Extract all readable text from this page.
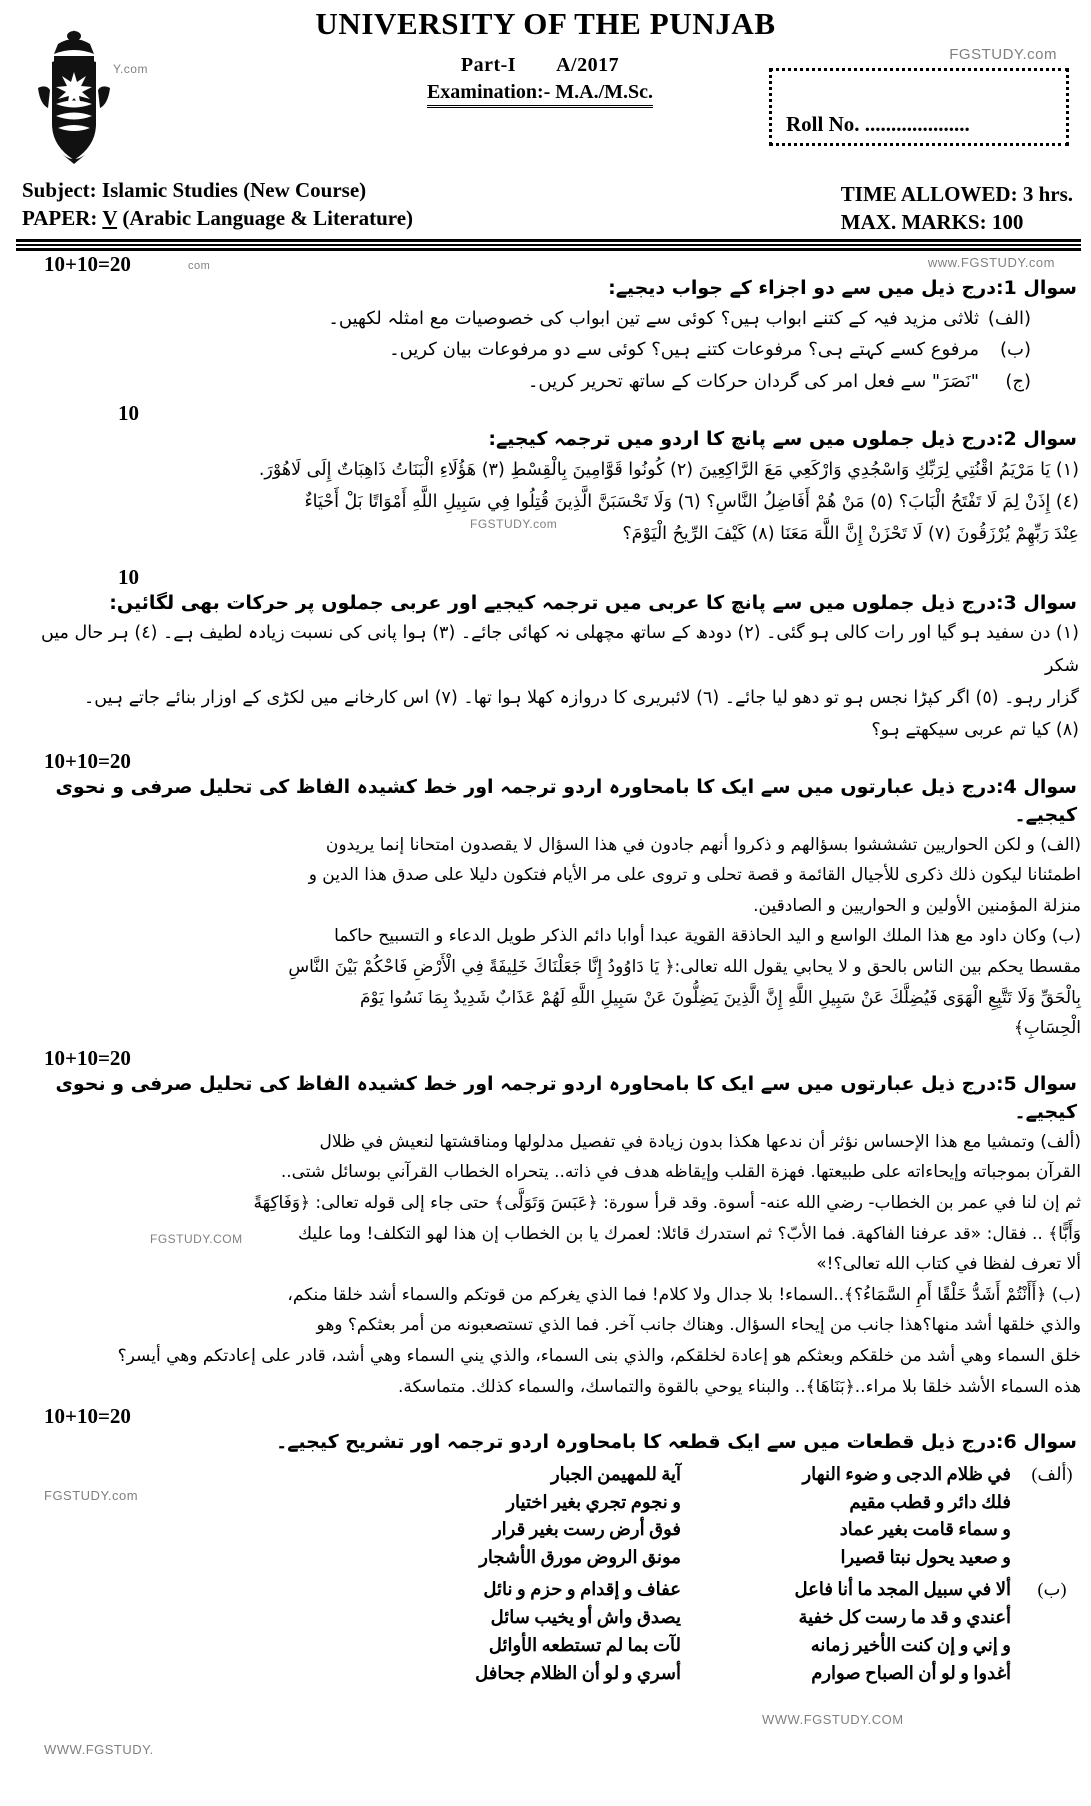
UNIVERSITY OF THE PUNJAB
Y.com	Part-I A/2017
Examination:- M.A./M.Sc.
FGSTUDY.com
Roll No. ....................
Subject: Islamic Studies (New Course)
PAPER: V (Arabic Language & Literature)
TIME ALLOWED: 3 hrs.
MAX. MARKS: 100
www.FGSTUDY.com
10+10=20	com
سوال 1:درج ذیل میں سے دو اجزاء کے جواب دیجیے:
(الف)ثلاثی مزید فیہ کے کتنے ابواب ہیں؟ کوئی سے تین ابواب کی خصوصیات مع امثلہ لکھیں۔
(ب)مرفوع کسے کہتے ہی؟ مرفوعات کتنے ہیں؟ کوئی سے دو مرفوعات بیان کریں۔
(ج)"نَصَرَ" سے فعل امر کی گردان حرکات کے ساتھ تحریر کریں۔
10
سوال 2:درج ذیل جملوں میں سے پانچ کا اردو میں ترجمہ کیجیے:
(١) يَا مَرْيَمُ اقْنُتِي لِرَبِّكِ وَاسْجُدِي وَارْكَعِي مَعَ الرَّاكِعِينَ (٢) كُونُوا قَوَّامِينَ بِالْقِسْطِ (٣) هَؤُلَاءِ الْبَنَاتُ ذَاهِبَاتٌ إِلَى لَاهُوْرَ.
(٤) إِذَنْ لِمَ لَا تَفْتَحُ الْبَابَ؟ (٥) مَنْ هُمْ أَفَاضِلُ النَّاسِ؟ (٦) وَلَا تَحْسَبَنَّ الَّذِينَ قُتِلُوا فِي سَبِيلِ اللَّهِ أَمْوَاتًا بَلْ أَحْيَاءٌ
عِنْدَ رَبِّهِمْ يُرْزَقُونَ (٧) لَا تَحْزَنْ إِنَّ اللَّهَ مَعَنَا (٨) كَيْفَ الرِّيحُ الْيَوْمَ؟
FGSTUDY.com
10
سوال 3:درج ذیل جملوں میں سے پانچ کا عربی میں ترجمہ کیجیے اور عربی جملوں پر حرکات بھی لگائیں:
(١) دن سفید ہو گیا اور رات کالی ہو گئی۔ (٢) دودھ کے ساتھ مچھلی نہ کھائی جائے۔ (٣) ہوا پانی کی نسبت زیادہ لطیف ہے۔ (٤) ہر حال میں شکر
گزار رہو۔ (٥) اگر کپڑا نجس ہو تو دھو لیا جائے۔ (٦) لائبریری کا دروازہ کھلا ہوا تھا۔ (٧) اس کارخانے میں لکڑی کے اوزار بنائے جاتے ہیں۔
(٨) کیا تم عربی سیکھتے ہو؟
10+10=20
سوال 4:درج ذیل عبارتوں میں سے ایک کا بامحاورہ اردو ترجمہ اور خط کشیدہ الفاظ کی تحلیل صرفی و نحوی کیجیے۔
(الف) و لكن الحواريين تشششوا بسؤالهم و ذكروا أنهم جادون في هذا السؤال لا يقصدون امتحانا إنما يريدون
اطمئنانا ليكون ذلك ذكرى للأجيال القائمة و قصة تحلى و تروى على مر الأيام فتكون دليلا على صدق هذا الدين و
منزلة المؤمنين الأولين و الحواريين و الصادقين.
(ب) وكان داود مع هذا الملك الواسع و اليد الحاذقة القوية عبدا أوابا دائم الذكر طويل الدعاء و التسبيح حاكما
مقسطا يحكم بين الناس بالحق و لا يحابي يقول الله تعالى:﴿ يَا دَاوُودُ إِنَّا جَعَلْنَاكَ خَلِيفَةً فِي الْأَرْضِ فَاحْكُمْ بَيْنَ النَّاسِ
بِالْحَقِّ وَلَا تَتَّبِعِ الْهَوَى فَيُضِلَّكَ عَنْ سَبِيلِ اللَّهِ إِنَّ الَّذِينَ يَضِلُّونَ عَنْ سَبِيلِ اللَّهِ لَهُمْ عَذَابٌ شَدِيدٌ بِمَا نَسُوا يَوْمَ
الْحِسَابِ﴾
10+10=20
سوال 5:درج ذیل عبارتوں میں سے ایک کا بامحاورہ اردو ترجمہ اور خط کشیدہ الفاظ کی تحلیل صرفی و نحوی کیجیے۔
(ألف) وتمشيا مع هذا الإحساس نؤثر أن ندعها هكذا بدون زيادة في تفصيل مدلولها ومناقشتها لنعيش في ظلال
القرآن بموجباته وإيحاءاته على طبيعتها. فهزة القلب وإيقاظه هدف في ذاته.. يتحراه الخطاب القرآني بوسائل شتى..
ثم إن لنا في عمر بن الخطاب- رضي الله عنه- أسوة. وقد قرأ سورة: ﴿عَبَسَ وَتَوَلَّى﴾ حتى جاء إلى قوله تعالى: ﴿وَفَاكِهَةً
وَأَبًّا﴾ .. فقال: «قد عرفنا الفاكهة. فما الأبّ؟ ثم استدرك قائلا: لعمرك يا بن الخطاب إن هذا لهو التكلف! وما عليك
ألا تعرف لفظا في كتاب الله تعالى؟!»
(ب) ﴿أَأَنْتُمْ أَشَدُّ خَلْقًا أَمِ السَّمَاءُ؟﴾..السماء! بلا جدال ولا كلام! فما الذي يغركم من قوتكم والسماء أشد خلقا منكم،
والذي خلقها أشد منها؟هذا جانب من إيحاء السؤال. وهناك جانب آخر. فما الذي تستصعبونه من أمر بعثكم؟ وهو
خلق السماء وهي أشد من خلقكم وبعثكم هو إعادة لخلقكم، والذي بنى السماء، والذي يني السماء وهي أشد، قادر على إعادتكم وهي أيسر؟
هذه السماء الأشد خلقا بلا مراء..﴿بَنَاهَا﴾.. والبناء يوحي بالقوة والتماسك، والسماء كذلك. متماسكة.
10+10=20
سوال 6:درج ذیل قطعات میں سے ایک قطعہ کا بامحاورہ اردو ترجمہ اور تشریح کیجیے۔
(ألف)
في ظلام الدجى و ضوء النهار
آية للمهيمن الجبار
فلك دائر و قطب مقيم
و نجوم تجري بغير اختيار
و سماء قامت بغير عماد
فوق أرض رست بغير قرار
و صعيد يحول نبتا قصيرا
مونق الروض مورق الأشجار
(ب)
ألا في سبيل المجد ما أنا فاعل
عفاف و إقدام و حزم و نائل
أعندي و قد ما رست كل خفية
يصدق واش أو يخيب سائل
و إني و إن كنت الأخير زمانه
لآت بما لم تستطعه الأوائل
أغدوا و لو أن الصباح صوارم
أسري و لو أن الظلام جحافل
FGSTUDY.COM
FGSTUDY.com
WWW.FGSTUDY.
WWW.FGSTUDY.COM
